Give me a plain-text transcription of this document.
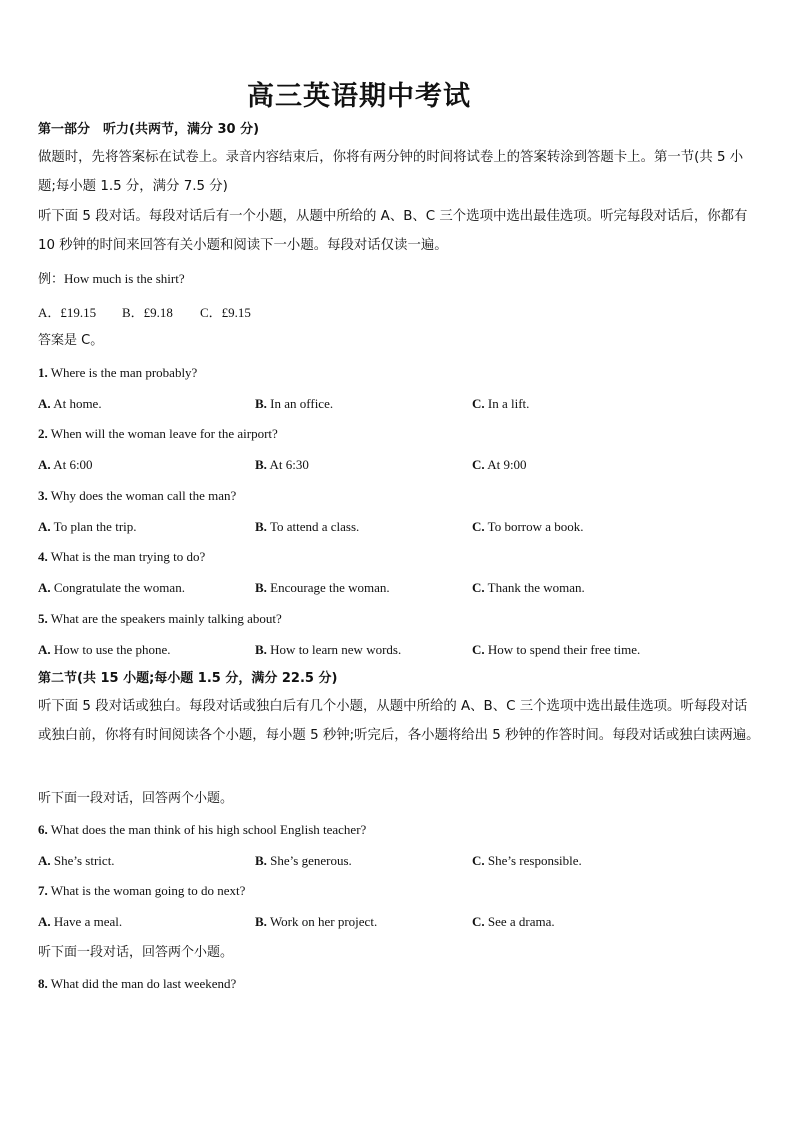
高三英语期中考试
第一部分　听力(共两节，满分 30 分)
做题时，先将答案标在试卷上。录音内容结束后，你将有两分钟的时间将试卷上的答案转涂到答题卡上。第一节(共 5 小题;每小题 1.5 分，满分 7.5 分)
听下面 5 段对话。每段对话后有一个小题，从题中所给的 A、B、C 三个选项中选出最佳选项。听完每段对话后，你都有 10 秒钟的时间来回答有关小题和阅读下一小题。每段对话仅读一遍。
例：How much is the shirt?
A．£19.15 B．£9.18 C．£9.15
答案是 C。
1. Where is the man probably?
A. At home.	B. In an office.	C. In a lift.
2. When will the woman leave for the airport?
A. At 6:00	B. At 6:30	C. At 9:00
3. Why does the woman call the man?
A. To plan the trip.	B. To attend a class.	C. To borrow a book.
4. What is the man trying to do?
A. Congratulate the woman.	B. Encourage the woman.	C. Thank the woman.
5. What are the speakers mainly talking about?
A. How to use the phone.	B. How to learn new words.	C. How to spend their free time.
第二节(共 15 小题;每小题 1.5 分，满分 22.5 分)
听下面 5 段对话或独白。每段对话或独白后有几个小题，从题中所给的 A、B、C 三个选项中选出最佳选项。听每段对话或独白前，你将有时间阅读各个小题，每小题 5 秒钟;听完后，各小题将给出 5 秒钟的作答时间。每段对话或独白读两遍。
听下面一段对话，回答两个小题。
6. What does the man think of his high school English teacher?
A. She’s strict.	B. She’s generous.	C. She’s responsible.
7. What is the woman going to do next?
A. Have a meal.	B. Work on her project.	C. See a drama.
听下面一段对话，回答两个小题。
8. What did the man do last weekend?
